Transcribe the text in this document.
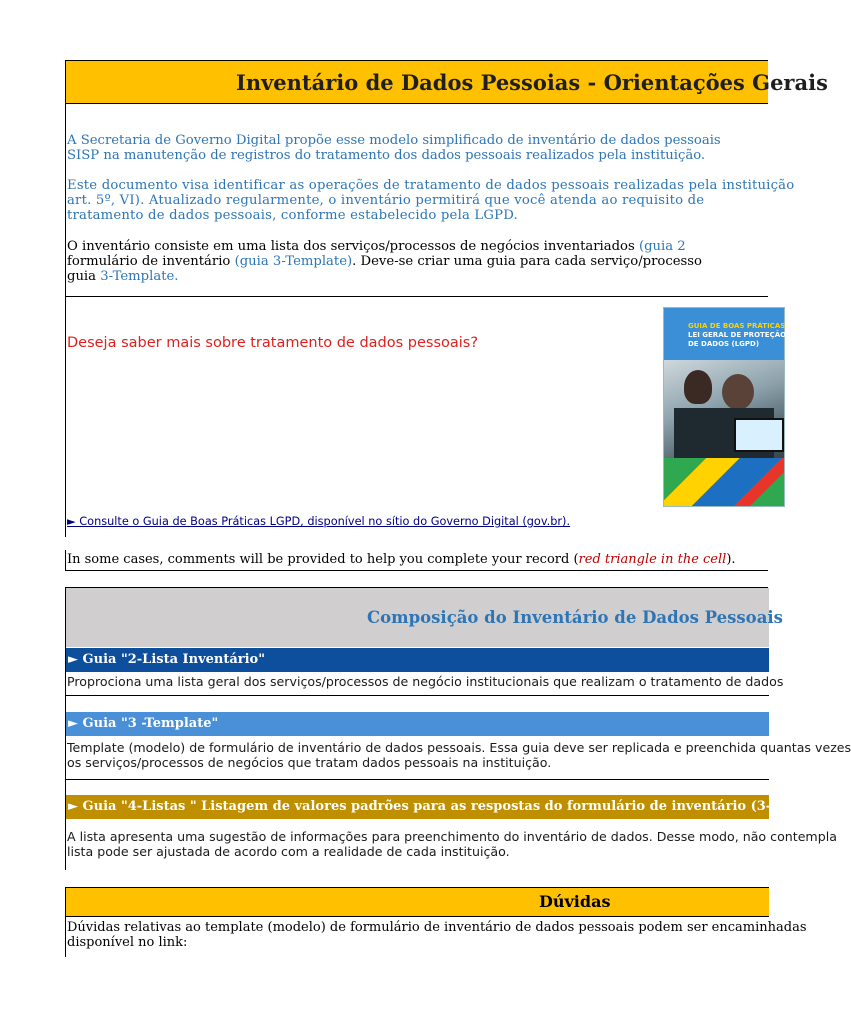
Inventário de Dados Pessoias - Orientações Gerais
A Secretaria de Governo Digital propõe esse modelo simplificado de inventário de dados pessoais
SISP na manutenção de registros do tratamento dos dados pessoais realizados pela instituição.
Este documento visa identificar as operações de tratamento de dados pessoais realizadas pela instituição
art. 5º, VI). Atualizado regularmente, o inventário permitirá que você atenda ao requisito de
tratamento de dados pessoais, conforme estabelecido pela LGPD.
O inventário consiste em uma lista dos serviços/processos de negócios inventariados (guia 2
formulário de inventário (guia 3-Template). Deve-se criar uma guia para cada serviço/processo
guia 3-Template.
Deseja saber mais sobre tratamento de dados pessoais?
GUIA DE BOAS PRÁTICAS
LEI GERAL DE PROTEÇÃO
DE DADOS (LGPD)
► Consulte o Guia de Boas Práticas LGPD, disponível no sítio do Governo Digital (gov.br).
In some cases, comments will be provided to help you complete your record (red triangle in the cell).
Composição do Inventário de Dados Pessoais
► Guia "2-Lista Inventário"
Proprociona uma lista geral dos serviços/processos de negócio institucionais que realizam o tratamento de dados
► Guia "3 -Template"
Template (modelo) de formulário de inventário de dados pessoais. Essa guia deve ser replicada e preenchida quantas vezes
os serviços/processos de negócios que tratam dados pessoais na instituição.
► Guia "4-Listas " Listagem de valores padrões para as respostas do formulário de inventário (3-Template)
A lista apresenta uma sugestão de informações para preenchimento do inventário de dados. Desse modo, não contempla
lista pode ser ajustada de acordo com a realidade de cada instituição.
Dúvidas
Dúvidas relativas ao template (modelo) de formulário de inventário de dados pessoais podem ser encaminhadas
disponível no link:
